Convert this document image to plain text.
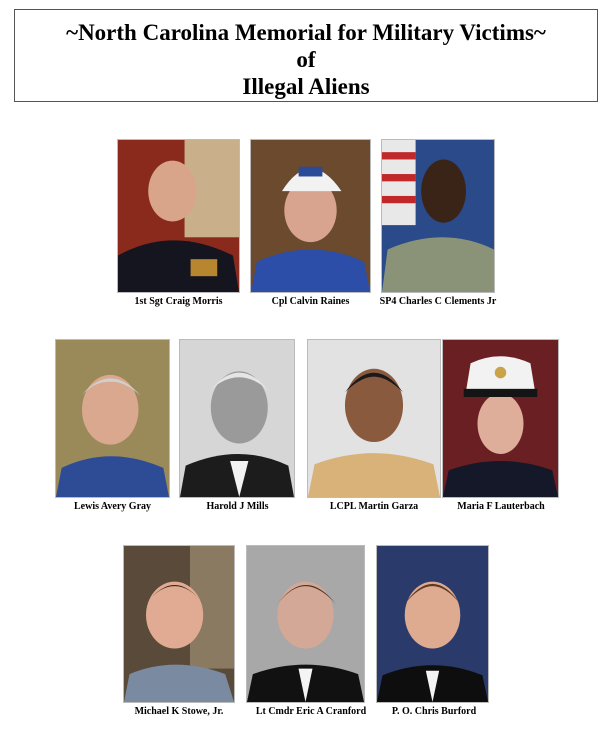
~North Carolina Memorial for Military Victims~
of
Illegal Aliens
1st Sgt Craig Morris	Cpl Calvin Raines	SP4 Charles C Clements Jr
Lewis Avery Gray	Harold J Mills	LCPL Martin Garza	Maria F Lauterbach
Michael K Stowe, Jr.	Lt Cmdr Eric A Cranford	P. O. Chris Burford
